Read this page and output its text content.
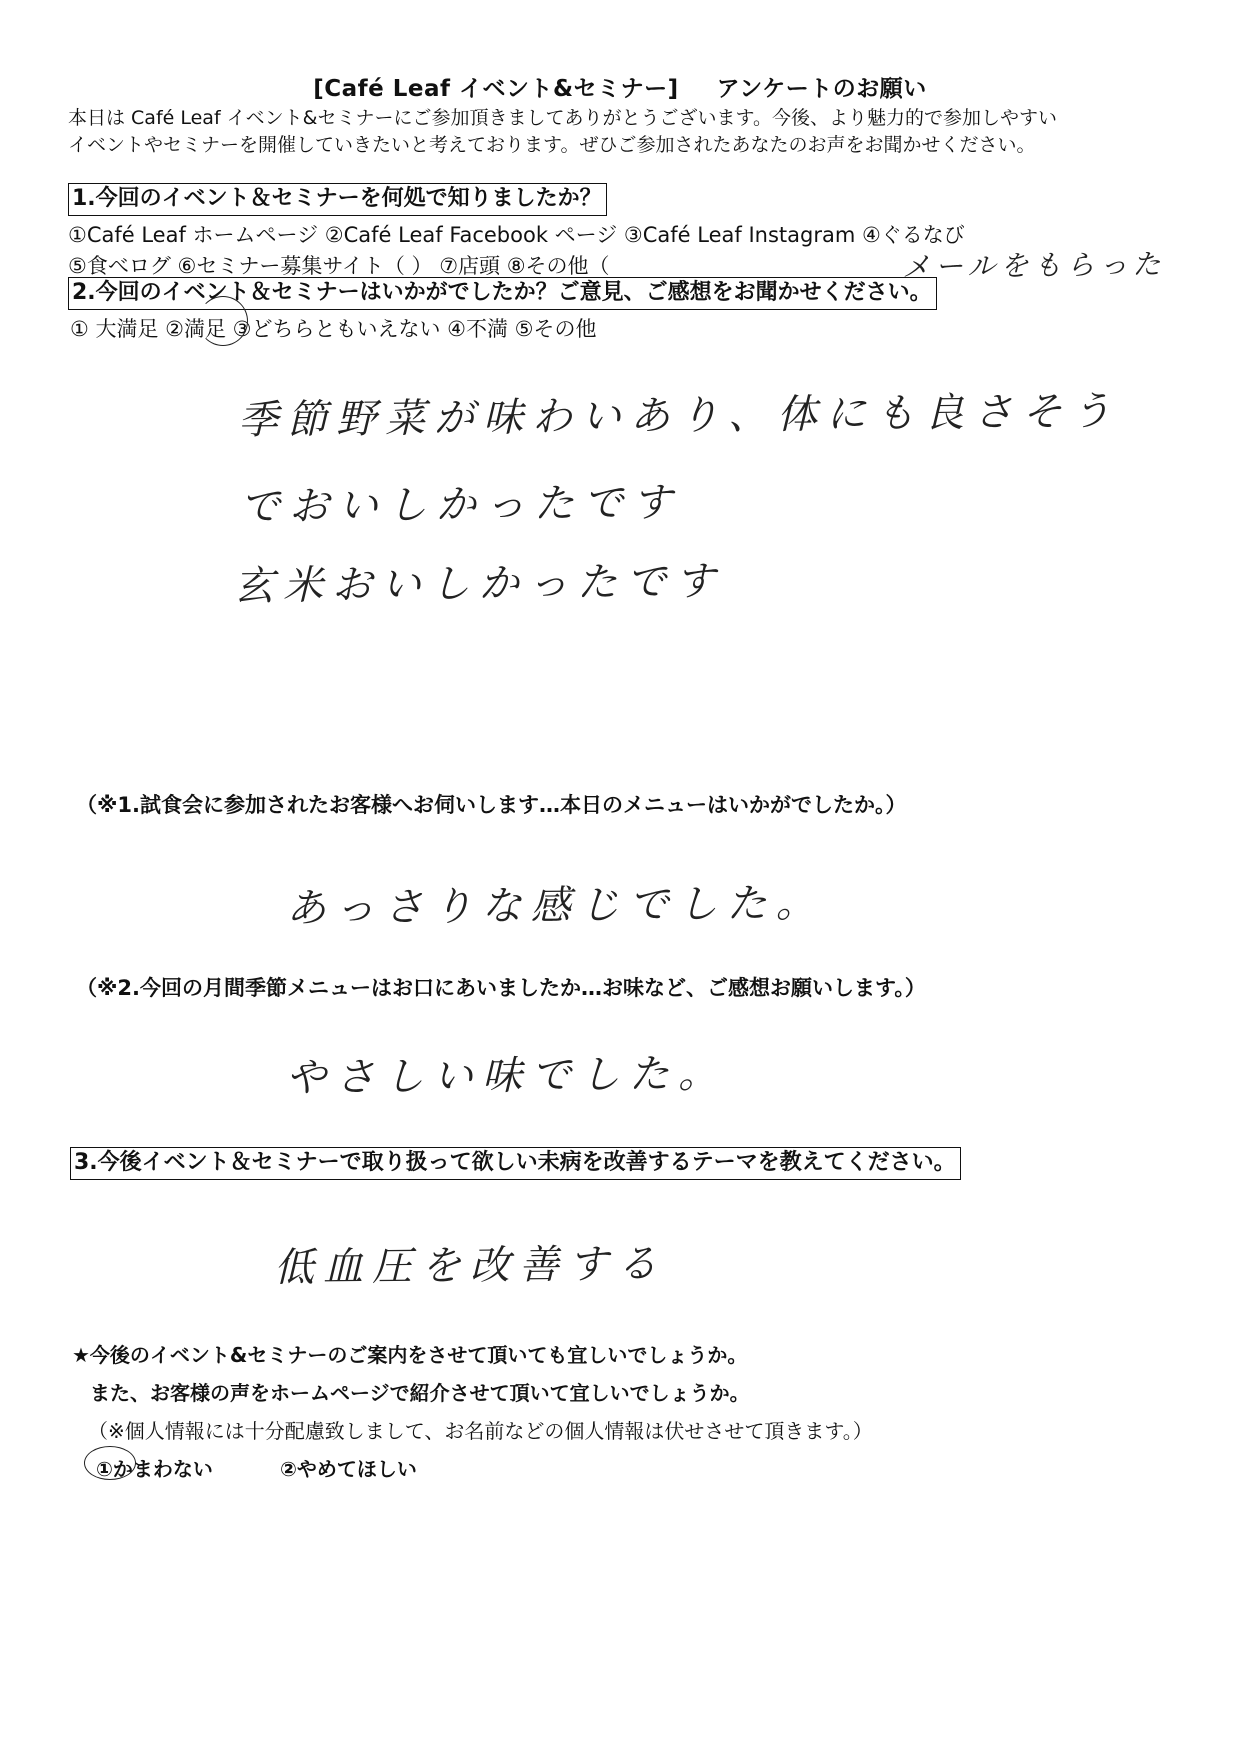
[Café Leaf イベント&セミナー] アンケートのお願い
本日は Café Leaf イベント&セミナーにご参加頂きましてありがとうございます。今後、より魅力的で参加しやすい
イベントやセミナーを開催していきたいと考えております。ぜひご参加されたあなたのお声をお聞かせください。
1.今回のイベント＆セミナーを何処で知りましたか？
①Café Leaf ホームページ ②Café Leaf Facebook ページ ③Café Leaf Instagram ④ぐるなび
⑤食べログ ⑥セミナー募集サイト（ ） ⑦店頭 ⑧その他（	メールをもらった
2.今回のイベント＆セミナーはいかがでしたか？ご意見、ご感想をお聞かせください。
① 大満足 ②満足 ③どちらともいえない ④不満 ⑤その他
季節野菜が味わいあり、体にも良さそう
でおいしかったです
玄米おいしかったです
（※1.試食会に参加されたお客様へお伺いします…本日のメニューはいかがでしたか。）
あっさりな感じでした。
（※2.今回の月間季節メニューはお口にあいましたか…お味など、ご感想お願いします。）
やさしい味でした。
3.今後イベント＆セミナーで取り扱って欲しい未病を改善するテーマを教えてください。
低血圧を改善する
★今後のイベント&セミナーのご案内をさせて頂いても宜しいでしょうか。
また、お客様の声をホームページで紹介させて頂いて宜しいでしょうか。
（※個人情報には十分配慮致しまして、お名前などの個人情報は伏せさせて頂きます。）
①かまわない	②やめてほしい
